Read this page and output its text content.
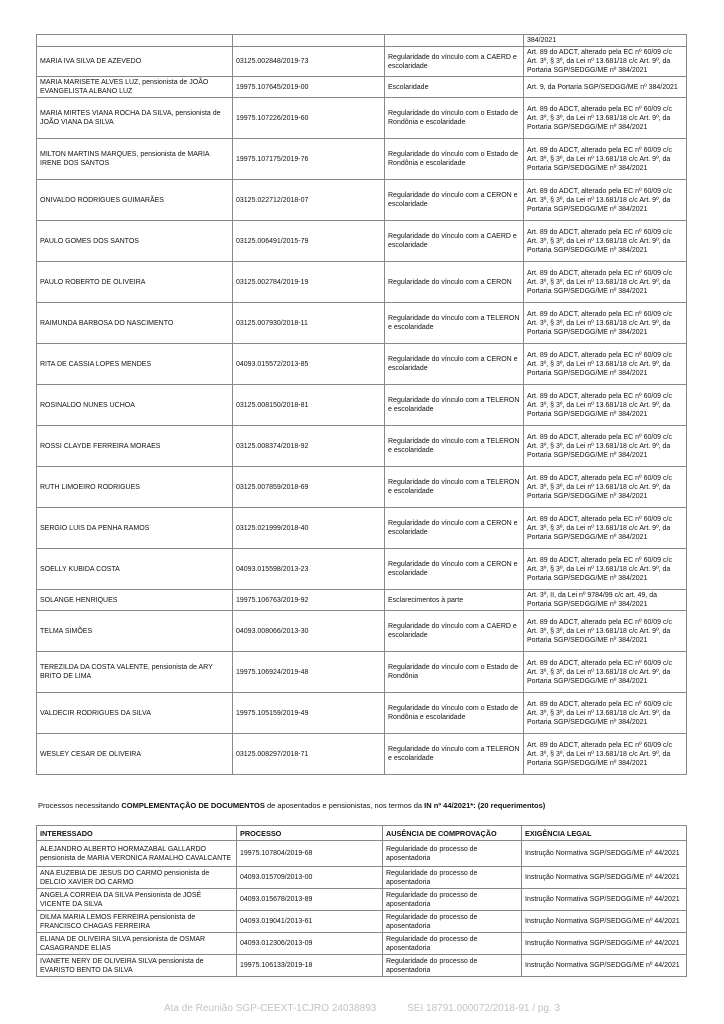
			384/2021
MARIA IVA SILVA DE AZEVEDO	03125.002848/2019-73	Regularidade do vínculo com a CAERD e escolaridade	Art. 89 do ADCT, alterado pela EC nº 60/09 c/c Art. 3º, § 3º, da Lei nº 13.681/18 c/c Art. 9º, da Portaria SGP/SEDGG/ME nº 384/2021
MARIA MARISETE ALVES LUZ, pensionista de JOÃO EVANGELISTA ALBANO LUZ	19975.107645/2019-00	Escolaridade	Art. 9, da Portaria SGP/SEDGG/ME nº 384/2021
MARIA MIRTES VIANA ROCHA DA SILVA, pensionista de JOÃO VIANA DA SILVA	19975.107226/2019-60	Regularidade do vínculo com o Estado de Rondônia e escolaridade	Art. 89 do ADCT, alterado pela EC nº 60/09 c/c Art. 3º, § 3º, da Lei nº 13.681/18 c/c Art. 9º, da Portaria SGP/SEDGG/ME nº 384/2021
MILTON MARTINS MARQUES, pensionista de MARIA IRENE DOS SANTOS	19975.107175/2019-76	Regularidade do vínculo com o Estado de Rondônia e escolaridade	Art. 89 do ADCT, alterado pela EC nº 60/09 c/c Art. 3º, § 3º, da Lei nº 13.681/18 c/c Art. 9º, da Portaria SGP/SEDGG/ME nº 384/2021
ONIVALDO RODRIGUES GUIMARÃES	03125.022712/2018-07	Regularidade do vínculo com a CERON e escolaridade	Art. 89 do ADCT, alterado pela EC nº 60/09 c/c Art. 3º, § 3º, da Lei nº 13.681/18 c/c Art. 9º, da Portaria SGP/SEDGG/ME nº 384/2021
PAULO GOMES DOS SANTOS	03125.006491/2015-79	Regularidade do vínculo com a CAERD e escolaridade	Art. 89 do ADCT, alterado pela EC nº 60/09 c/c Art. 3º, § 3º, da Lei nº 13.681/18 c/c Art. 9º, da Portaria SGP/SEDGG/ME nº 384/2021
PAULO ROBERTO DE OLIVEIRA	03125.002784/2019-19	Regularidade do vínculo com a CERON	Art. 89 do ADCT, alterado pela EC nº 60/09 c/c Art. 3º, § 3º, da Lei nº 13.681/18 c/c Art. 9º, da Portaria SGP/SEDGG/ME nº 384/2021
RAIMUNDA BARBOSA DO NASCIMENTO	03125.007930/2018-11	Regularidade do vínculo com a TELERON e escolaridade	Art. 89 do ADCT, alterado pela EC nº 60/09 c/c Art. 3º, § 3º, da Lei nº 13.681/18 c/c Art. 9º, da Portaria SGP/SEDGG/ME nº 384/2021
RITA DE CASSIA LOPES MENDES	04093.015572/2013-85	Regularidade do vínculo com a CERON e escolaridade	Art. 89 do ADCT, alterado pela EC nº 60/09 c/c Art. 3º, § 3º, da Lei nº 13.681/18 c/c Art. 9º, da Portaria SGP/SEDGG/ME nº 384/2021
ROSINALDO NUNES UCHOA	03125.008150/2018-81	Regularidade do vínculo com a TELERON e escolaridade	Art. 89 do ADCT, alterado pela EC nº 60/09 c/c Art. 3º, § 3º, da Lei nº 13.681/18 c/c Art. 9º, da Portaria SGP/SEDGG/ME nº 384/2021
ROSSI CLAYDE FERREIRA MORAES	03125.008374/2018-92	Regularidade do vínculo com a TELERON e escolaridade	Art. 89 do ADCT, alterado pela EC nº 60/09 c/c Art. 3º, § 3º, da Lei nº 13.681/18 c/c Art. 9º, da Portaria SGP/SEDGG/ME nº 384/2021
RUTH LIMOEIRO RODRIGUES	03125.007859/2018-69	Regularidade do vínculo com a TELERON e escolaridade	Art. 89 do ADCT, alterado pela EC nº 60/09 c/c Art. 3º, § 3º, da Lei nº 13.681/18 c/c Art. 9º, da Portaria SGP/SEDGG/ME nº 384/2021
SERGIO LUIS DA PENHA RAMOS	03125.021999/2018-40	Regularidade do vínculo com a CERON e escolaridade	Art. 89 do ADCT, alterado pela EC nº 60/09 c/c Art. 3º, § 3º, da Lei nº 13.681/18 c/c Art. 9º, da Portaria SGP/SEDGG/ME nº 384/2021
SOELLY KUBIDA COSTA	04093.015598/2013-23	Regularidade do vínculo com a CERON e escolaridade	Art. 89 do ADCT, alterado pela EC nº 60/09 c/c Art. 3º, § 3º, da Lei nº 13.681/18 c/c Art. 9º, da Portaria SGP/SEDGG/ME nº 384/2021
SOLANGE HENRIQUES	19975.106763/2019-92	Esclarecimentos à parte	Art. 3º, II, da Lei nº 9784/99 c/c art. 49, da Portaria SGP/SEDGG/ME nº 384/2021
TELMA SIMÕES	04093.008066/2013-30	Regularidade do vínculo com a CAERD e escolaridade	Art. 89 do ADCT, alterado pela EC nº 60/09 c/c Art. 3º, § 3º, da Lei nº 13.681/18 c/c Art. 9º, da Portaria SGP/SEDGG/ME nº 384/2021
TEREZILDA DA COSTA VALENTE, pensionista de ARY BRITO DE LIMA	19975.106924/2019-48	Regularidade do vínculo com o Estado de Rondônia	Art. 89 do ADCT, alterado pela EC nº 60/09 c/c Art. 3º, § 3º, da Lei nº 13.681/18 c/c Art. 9º, da Portaria SGP/SEDGG/ME nº 384/2021
VALDECIR RODRIGUES DA SILVA	19975.105159/2019-49	Regularidade do vínculo com o Estado de Rondônia e escolaridade	Art. 89 do ADCT, alterado pela EC nº 60/09 c/c Art. 3º, § 3º, da Lei nº 13.681/18 c/c Art. 9º, da Portaria SGP/SEDGG/ME nº 384/2021
WESLEY CESAR DE OLIVEIRA	03125.008297/2018-71	Regularidade do vínculo com a TELERON e escolaridade	Art. 89 do ADCT, alterado pela EC nº 60/09 c/c Art. 3º, § 3º, da Lei nº 13.681/18 c/c Art. 9º, da Portaria SGP/SEDGG/ME nº 384/2021
Processos necessitando COMPLEMENTAÇÃO DE DOCUMENTOS de aposentados e pensionistas, nos termos da IN nº 44/2021*: (20 requerimentos)
INTERESSADO	PROCESSO	AUSÊNCIA DE COMPROVAÇÃO	EXIGÊNCIA LEGAL
ALEJANDRO ALBERTO HORMAZABAL GALLARDO pensionista de MARIA VERONICA RAMALHO CAVALCANTE	19975.107804/2019-68	Regularidade do processo de aposentadoria	Instrução Normativa SGP/SEDGG/ME nº 44/2021
ANA EUZEBIA DE JESUS DO CARMO pensionista de DELCIO XAVIER DO CARMO	04093.015709/2013-00	Regularidade do processo de aposentadoria	Instrução Normativa SGP/SEDGG/ME nº 44/2021
ANGELA CORREIA DA SILVA Pensionista de JOSÉ VICENTE DA SILVA	04093.015678/2013-89	Regularidade do processo de aposentadoria	Instrução Normativa SGP/SEDGG/ME nº 44/2021
DILMA MARIA LEMOS FERREIRA pensionista de FRANCISCO CHAGAS FERREIRA	04093.019041/2013-61	Regularidade do processo de aposentadoria	Instrução Normativa SGP/SEDGG/ME nº 44/2021
ELIANA DE OLIVEIRA SILVA pensionista de OSMAR CASAGRANDE ELIAS	04093.012306/2013-09	Regularidade do processo de aposentadoria	Instrução Normativa SGP/SEDGG/ME nº 44/2021
IVANETE NERY DE OLIVEIRA SILVA pensionista de EVARISTO BENTO DA SILVA	19975.106133/2019-18	Regularidade do processo de aposentadoria	Instrução Normativa SGP/SEDGG/ME nº 44/2021
Ata de Reunião SGP-CEEXT-1CJRO 24038893	SEI 18791.000072/2018-91 / pg. 3
